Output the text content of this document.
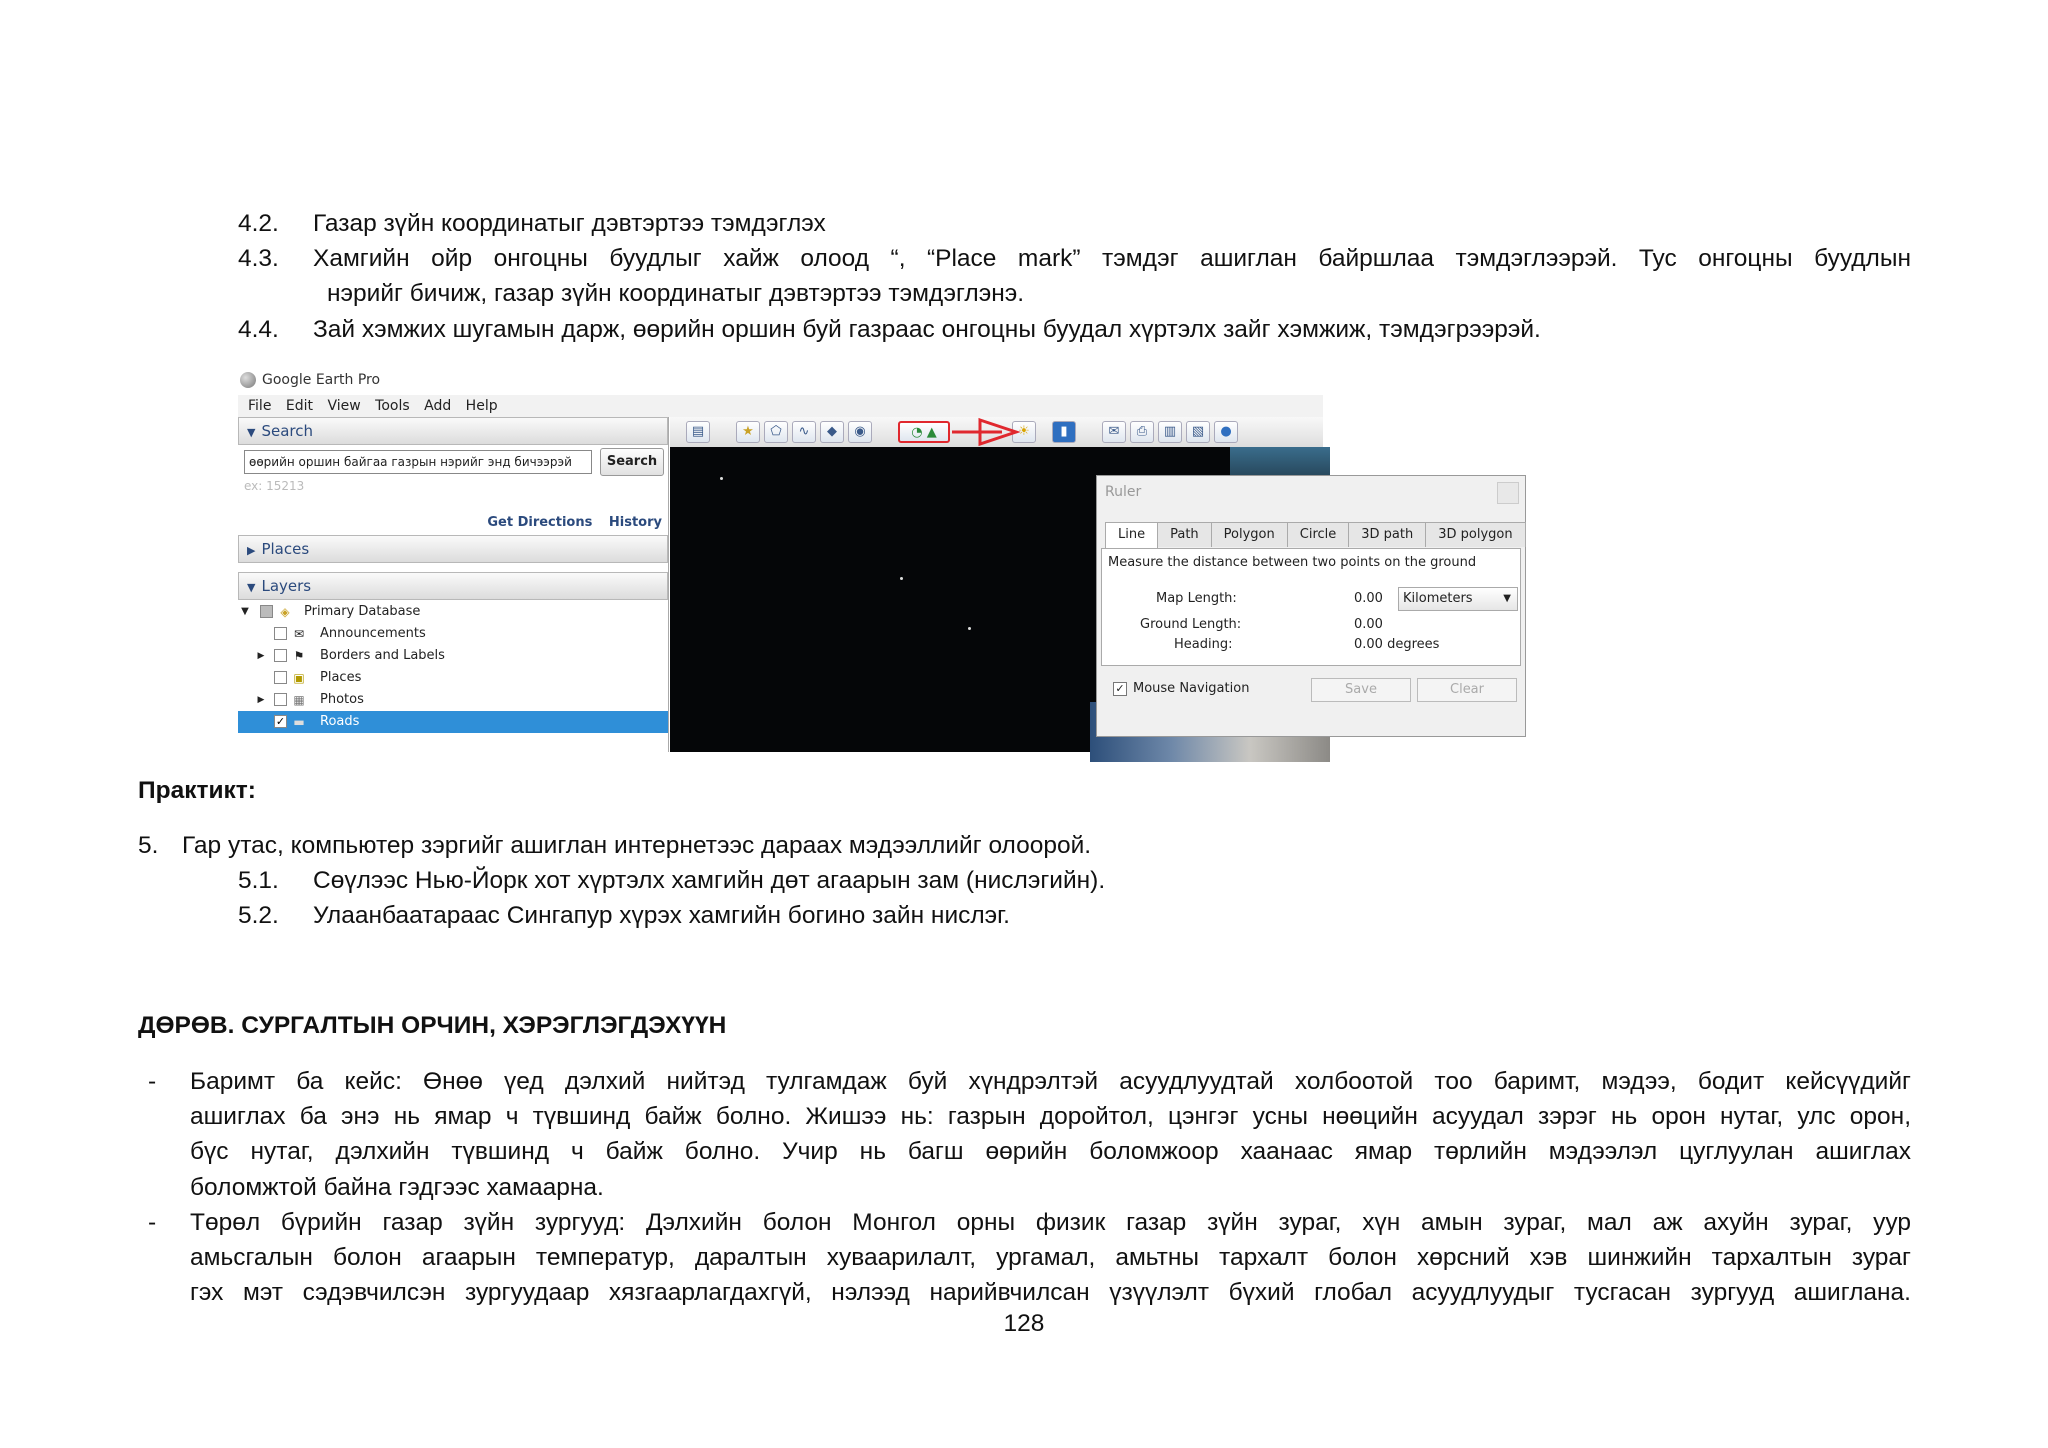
4.2. Газар зүйн координатыг дэвтэртээ тэмдэглэх
4.3. Хамгийн ойр онгоцны буудлыг хайж олоод “, “Place mark” тэмдэг ашиглан байршлаа тэмдэглээрэй. Тус онгоцны буудлын
нэрийг бичиж, газар зүйн координатыг дэвтэртээ тэмдэглэнэ.
4.4. Зай хэмжих шугамын дарж, өөрийн оршин буй газраас онгоцны буудал хүртэлх зайг хэмжиж, тэмдэгрээрэй.
Google Earth Pro
File Edit View Tools Add Help
▼ Search
өөрийн оршин байгаа газрын нэрийг энд бичээрэй	Search
ex: 15213
Get Directions History
▶ Places
▼ Layers
▼	◈ Primary Database
✉ Announcements
▶ ⚑ Borders and Labels
▣ Places
▶ ▦ Photos
✓ ▬ Roads
▤	★	⬠	∿	◆	◉	◔ ▲	☀	▮	✉	⎙	▥	▧	●
Ruler
Line Path Polygon Circle 3D path 3D polygon
Measure the distance between two points on the ground
Map Length:	0.00	Kilometers	▼
Ground Length:	0.00
Heading:	0.00 degrees
✓ Mouse Navigation	Save	Clear
Практикт:
5. Гар утас, компьютер зэргийг ашиглан интернетээс дараах мэдээллийг олоорой.
5.1. Сөүлээс Нью-Йорк хот хүртэлх хамгийн дөт агаарын зам (нислэгийн).
5.2. Улаанбаатараас Сингапур хүрэх хамгийн богино зайн нислэг.
ДӨРӨВ. СУРГАЛТЫН ОРЧИН, ХЭРЭГЛЭГДЭХҮҮН
- Баримт ба кейс: Өнөө үед дэлхий нийтэд тулгамдаж буй хүндрэлтэй асуудлуудтай холбоотой тоо баримт, мэдээ, бодит кейсүүдийг
ашиглах ба энэ нь ямар ч түвшинд байж болно. Жишээ нь: газрын доройтол, цэнгэг усны нөөцийн асуудал зэрэг нь орон нутаг, улс орон,
бүс нутаг, дэлхийн түвшинд ч байж болно. Учир нь багш өөрийн боломжоор хаанаас ямар төрлийн мэдээлэл цуглуулан ашиглах
боломжтой байна гэдгээс хамаарна.
- Төрөл бүрийн газар зүйн зургууд: Дэлхийн болон Монгол орны физик газар зүйн зураг, хүн амын зураг, мал аж ахуйн зураг, уур
амьсгалын болон агаарын температур, даралтын хуваарилалт, ургамал, амьтны тархалт болон хөрсний хэв шинжийн тархалтын зураг
гэх мэт сэдэвчилсэн зургуудаар хязгаарлагдахгүй, нэлээд нарийвчилсан үзүүлэлт бүхий глобал асуудлуудыг тусгасан зургууд ашиглана.
128
